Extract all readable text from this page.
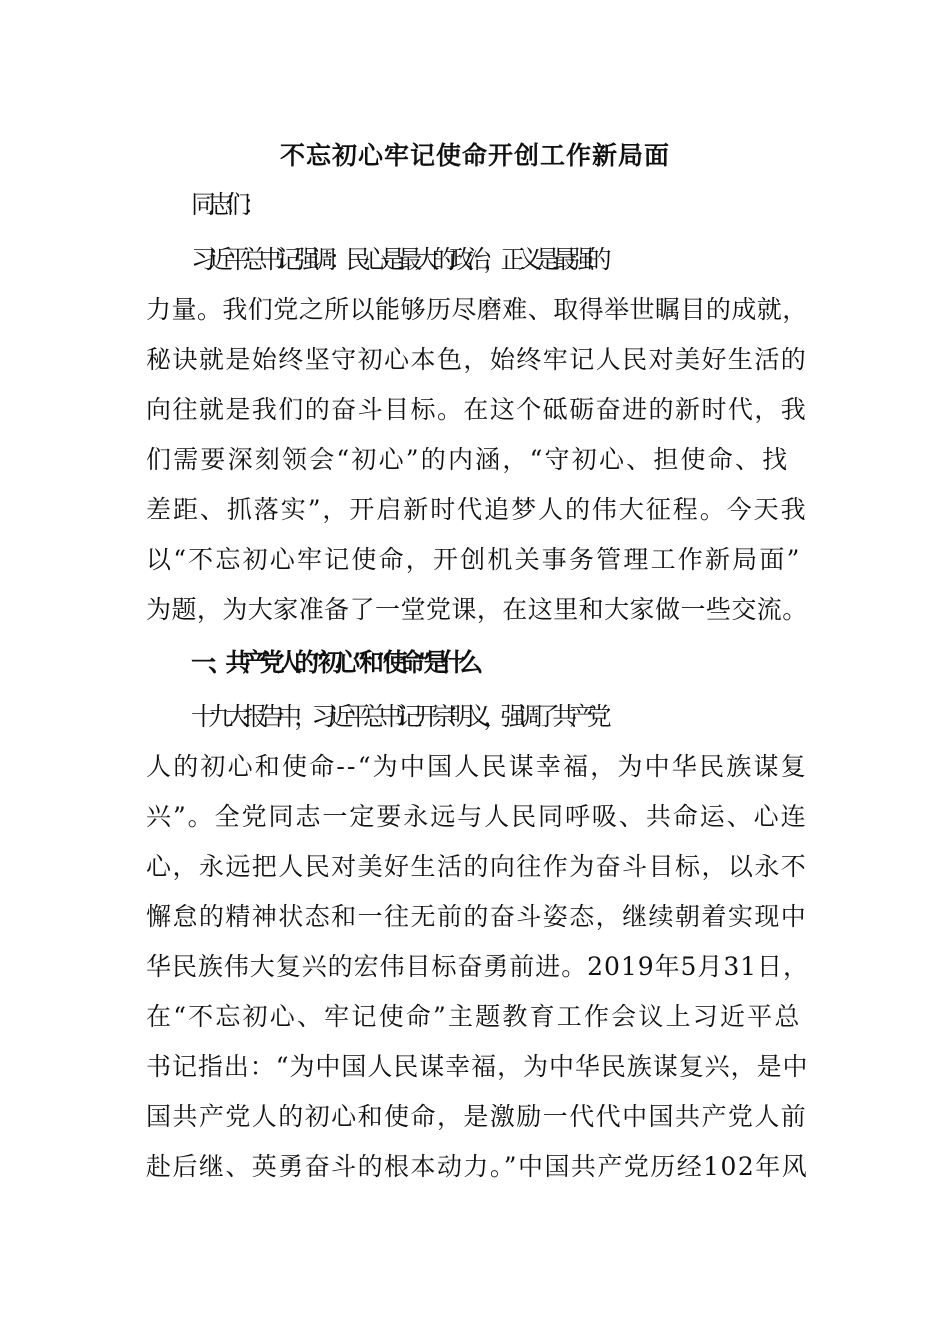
不忘初心牢记使命开创工作新局面
同志们：
习近平总书记强调：民心是最大的政治，正义是最强的
力量。我们党之所以能够历尽磨难、取得举世瞩目的成就，
秘诀就是始终坚守初心本色，始终牢记人民对美好生活的
向往就是我们的奋斗目标。在这个砥砺奋进的新时代，我
们需要深刻领会“初心”的内涵，“守初心、担使命、找
差距、抓落实”，开启新时代追梦人的伟大征程。今天我
以“不忘初心牢记使命，开创机关事务管理工作新局面”
为题，为大家准备了一堂党课，在这里和大家做一些交流。
一、共产党人的“初心”和“使命”是什么
十九大报告中，习近平总书记开宗明义，强调了共产党
人的初心和使命--“为中国人民谋幸福，为中华民族谋复
兴”。全党同志一定要永远与人民同呼吸、共命运、心连
心，永远把人民对美好生活的向往作为奋斗目标，以永不
懈怠的精神状态和一往无前的奋斗姿态，继续朝着实现中
华民族伟大复兴的宏伟目标奋勇前进。2019年5月31日，
在“不忘初心、牢记使命”主题教育工作会议上习近平总
书记指出：“为中国人民谋幸福，为中华民族谋复兴，是中
国共产党人的初心和使命，是激励一代代中国共产党人前
赴后继、英勇奋斗的根本动力。”中国共产党历经102年风
